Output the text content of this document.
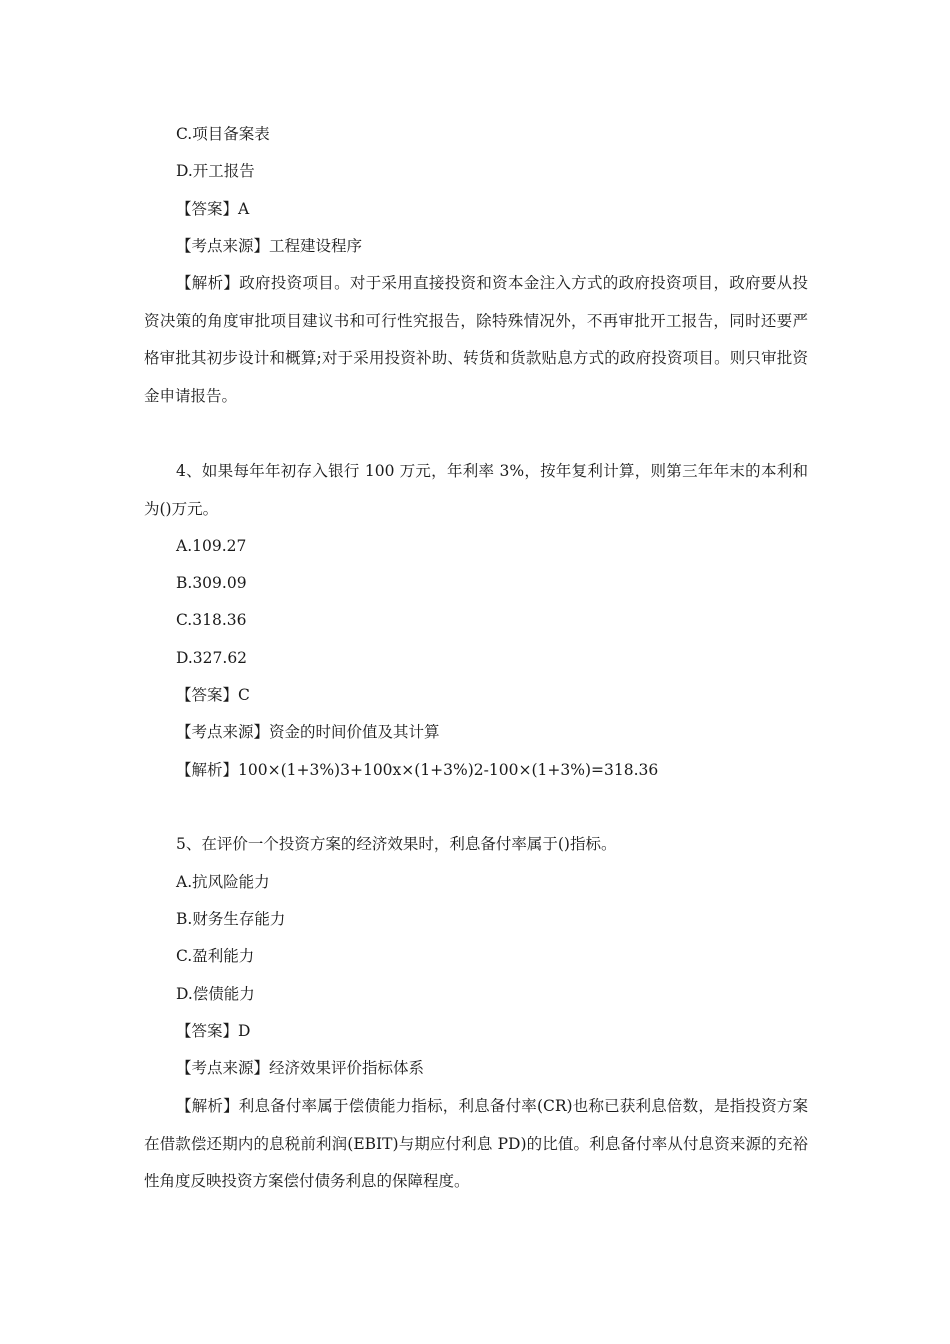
C.项目备案表
D.开工报告
【答案】A
【考点来源】工程建设程序
【解析】政府投资项目。对于采用直接投资和资本金注入方式的政府投资项目，政府要从投资决策的角度审批项目建议书和可行性究报告，除特殊情况外，不再审批开工报告，同时还要严格审批其初步设计和概算;对于采用投资补助、转货和货款贴息方式的政府投资项目。则只审批资金申请报告。
4、如果每年年初存入银行 100 万元，年利率 3%，按年复利计算，则第三年年末的本利和为()万元。
A.109.27
B.309.09
C.318.36
D.327.62
【答案】C
【考点来源】资金的时间价值及其计算
【解析】100×(1+3%)3+100x×(1+3%)2-100×(1+3%)=318.36
5、在评价一个投资方案的经济效果时，利息备付率属于()指标。
A.抗风险能力
B.财务生存能力
C.盈利能力
D.偿债能力
【答案】D
【考点来源】经济效果评价指标体系
【解析】利息备付率属于偿债能力指标，利息备付率(CR)也称已获利息倍数，是指投资方案在借款偿还期内的息税前利润(EBIT)与期应付利息 PD)的比值。利息备付率从付息资来源的充裕性角度反映投资方案偿付债务利息的保障程度。
